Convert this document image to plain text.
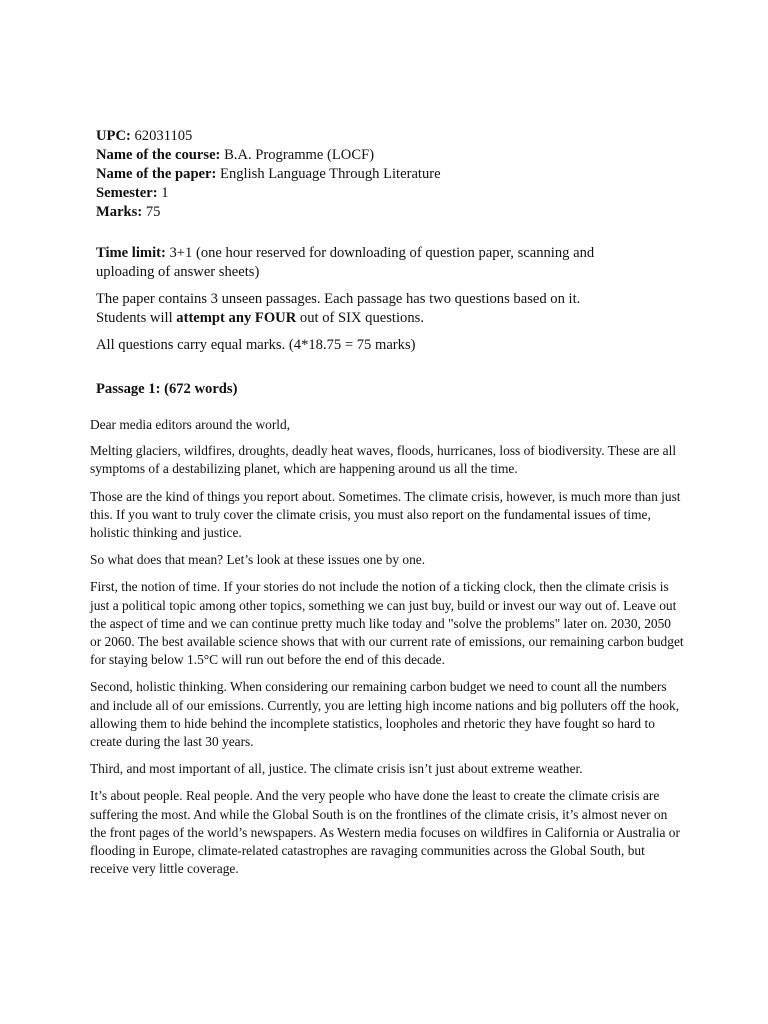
UPC: 62031105
Name of the course: B.A. Programme (LOCF)
Name of the paper: English Language Through Literature
Semester: 1
Marks: 75
Time limit: 3+1 (one hour reserved for downloading of question paper, scanning and uploading of answer sheets)
The paper contains 3 unseen passages. Each passage has two questions based on it.
Students will attempt any FOUR out of SIX questions.
All questions carry equal marks. (4*18.75 = 75 marks)
Passage 1: (672 words)

Dear media editors around the world,

Melting glaciers, wildfires, droughts, deadly heat waves, floods, hurricanes, loss of biodiversity. These are all symptoms of a destabilizing planet, which are happening around us all the time.

Those are the kind of things you report about. Sometimes. The climate crisis, however, is much more than just this. If you want to truly cover the climate crisis, you must also report on the fundamental issues of time, holistic thinking and justice.

So what does that mean? Let’s look at these issues one by one.

First, the notion of time. If your stories do not include the notion of a ticking clock, then the climate crisis is just a political topic among other topics, something we can just buy, build or invest our way out of. Leave out the aspect of time and we can continue pretty much like today and "solve the problems" later on. 2030, 2050 or 2060. The best available science shows that with our current rate of emissions, our remaining carbon budget for staying below 1.5°C will run out before the end of this decade.

Second, holistic thinking. When considering our remaining carbon budget we need to count all the numbers and include all of our emissions. Currently, you are letting high income nations and big polluters off the hook, allowing them to hide behind the incomplete statistics, loopholes and rhetoric they have fought so hard to create during the last 30 years.

Third, and most important of all, justice. The climate crisis isn’t just about extreme weather.

It’s about people. Real people. And the very people who have done the least to create the climate crisis are suffering the most. And while the Global South is on the frontlines of the climate crisis, it’s almost never on the front pages of the world’s newspapers. As Western media focuses on wildfires in California or Australia or flooding in Europe, climate-related catastrophes are ravaging communities across the Global South, but receive very little coverage.
